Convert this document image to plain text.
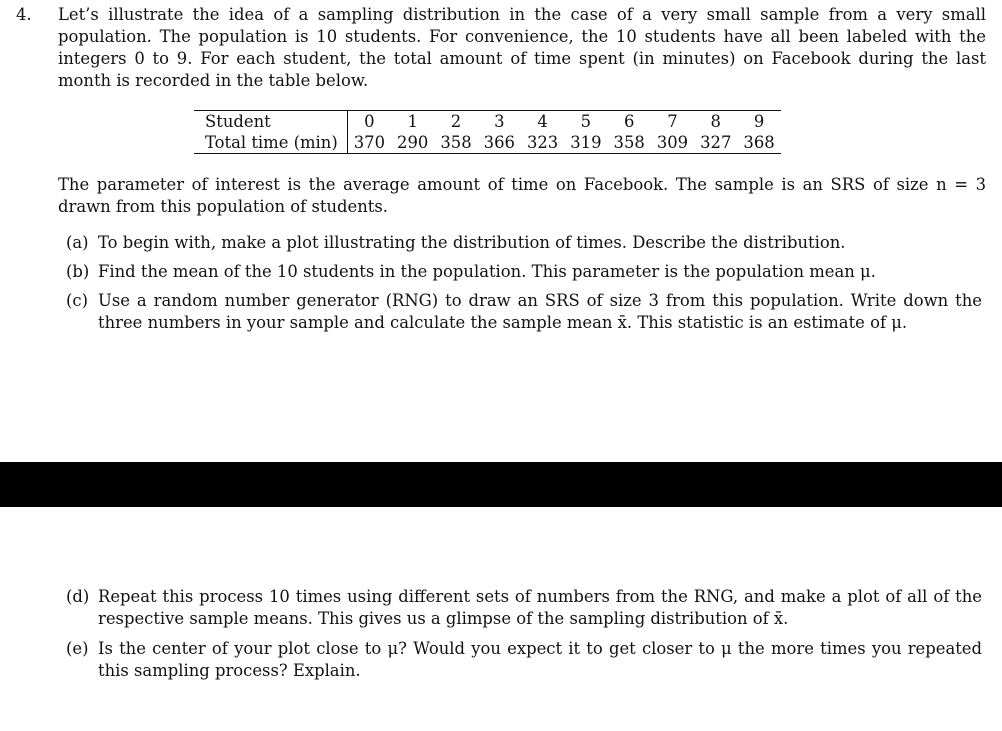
4. Let’s illustrate the idea of a sampling distribution in the case of a very small sample from a very small population. The population is 10 students. For convenience, the 10 students have all been labeled with the integers 0 to 9. For each student, the total amount of time spent (in minutes) on Facebook during the last month is recorded in the table below.
Student	0	1	2	3	4	5	6	7	8	9
Total time (min)	370	290	358	366	323	319	358	309	327	368
The parameter of interest is the average amount of time on Facebook. The sample is an SRS of size n = 3 drawn from this population of students.
(a) To begin with, make a plot illustrating the distribution of times. Describe the distribution.
(b) Find the mean of the 10 students in the population. This parameter is the population mean μ.
(c) Use a random number generator (RNG) to draw an SRS of size 3 from this population. Write down the three numbers in your sample and calculate the sample mean x̄. This statistic is an estimate of μ.
(d) Repeat this process 10 times using different sets of numbers from the RNG, and make a plot of all of the respective sample means. This gives us a glimpse of the sampling distribution of x̄.
(e) Is the center of your plot close to μ? Would you expect it to get closer to μ the more times you repeated this sampling process? Explain.
